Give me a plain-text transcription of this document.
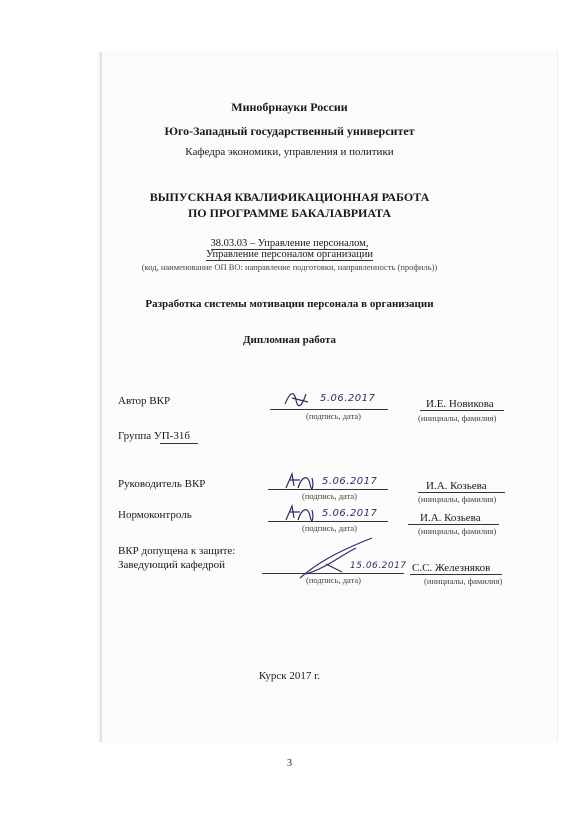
Минобрнауки России
Юго-Западный государственный университет
Кафедра экономики, управления и политики
ВЫПУСКНАЯ КВАЛИФИКАЦИОННАЯ РАБОТА
ПО ПРОГРАММЕ БАКАЛАВРИАТА
38.03.03 – Управление персоналом,
Управление персоналом организации
(код, наименование ОП ВО: направление подготовки, направленность (профиль))
Разработка системы мотивации персонала в организации
Дипломная работа
Автор ВКР	5.06.2017
(подпись, дата)
И.Е. Новикова
(инициалы, фамилия)
Группа УП-31б
Руководитель ВКР	5.06.2017
(подпись, дата)
И.А. Козьева
(инициалы, фамилия)
Нормоконтроль	5.06.2017
(подпись, дата)
И.А. Козьева
(инициалы, фамилия)
ВКР допущена к защите:
Заведующий кафедрой	15.06.2017
(подпись, дата)
С.С. Железняков
(инициалы, фамилия)
Курск 2017 г.
3
